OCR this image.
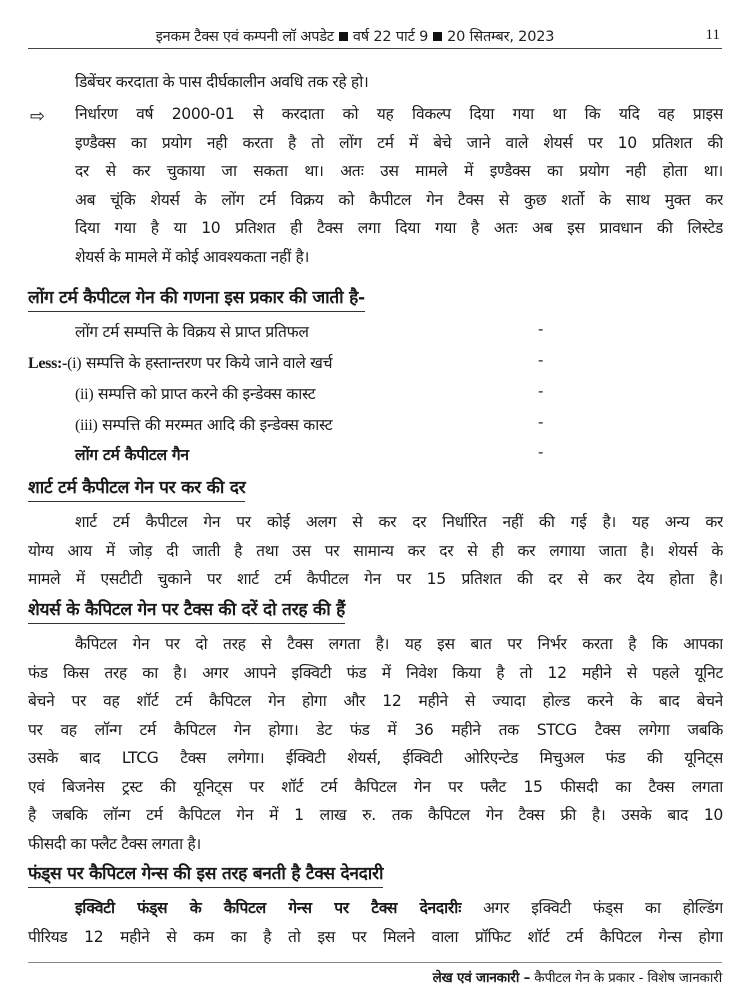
इनकम टैक्स एवं कम्पनी लॉ अपडेट वर्ष 22 पार्ट 9 20 सितम्बर, 2023	11
डिबेंचर करदाता के पास दीर्घकालीन अवधि तक रहे हो।
⇨ निर्धारण वर्ष 2000-01 से करदाता को यह विकल्प दिया गया था कि यदि वह प्राइस
इण्डैक्स का प्रयोग नही करता है तो लोंग टर्म में बेचे जाने वाले शेयर्स पर 10 प्रतिशत की
दर से कर चुकाया जा सकता था। अतः उस मामले में इण्डैक्स का प्रयोग नही होता था।
अब चूंकि शेयर्स के लोंग टर्म विक्रय को कैपीटल गेन टैक्स से कुछ शर्तो के साथ मुक्त कर
दिया गया है या 10 प्रतिशत ही टैक्स लगा दिया गया है अतः अब इस प्रावधान की लिस्टेड
शेयर्स के मामले में कोई आवश्यकता नहीं है।
लोंग टर्म कैपीटल गेन की गणना इस प्रकार की जाती है-
लोंग टर्म सम्पत्ति के विक्रय से प्राप्त प्रतिफल	-
Less:-(i) सम्पत्ति के हस्तान्तरण पर किये जाने वाले खर्च	-
(ii) सम्पत्ति को प्राप्त करने की इन्डेक्स कास्ट	-
(iii) सम्पत्ति की मरम्मत आदि की इन्डेक्स कास्ट	-
लोंग टर्म कैपीटल गैन	-
शार्ट टर्म कैपीटल गेन पर कर की दर
शार्ट टर्म कैपीटल गेन पर कोई अलग से कर दर निर्धारित नहीं की गई है। यह अन्य कर
योग्य आय में जोड़ दी जाती है तथा उस पर सामान्य कर दर से ही कर लगाया जाता है। शेयर्स के
मामले में एसटीटी चुकाने पर शार्ट टर्म कैपीटल गेन पर 15 प्रतिशत की दर से कर देय होता है।
शेयर्स के कैपिटल गेन पर टैक्स की दरें दो तरह की हैं
कैपिटल गेन पर दो तरह से टैक्स लगता है। यह इस बात पर निर्भर करता है कि आपका
फंड किस तरह का है। अगर आपने इक्विटी फंड में निवेश किया है तो 12 महीने से पहले यूनिट
बेचने पर वह शॉर्ट टर्म कैपिटल गेन होगा और 12 महीने से ज्यादा होल्ड करने के बाद बेचने
पर वह लॉन्ग टर्म कैपिटल गेन होगा। डेट फंड में 36 महीने तक STCG टैक्स लगेगा जबकि
उसके बाद LTCG टैक्स लगेगा। ईक्विटी शेयर्स, ईक्विटी ओरिएन्टेड मिचुअल फंड की यूनिट्स
एवं बिजनेस ट्रस्ट की यूनिट्स पर शॉर्ट टर्म कैपिटल गेन पर फ्लैट 15 फीसदी का टैक्स लगता
है जबकि लॉन्ग टर्म कैपिटल गेन में 1 लाख रु. तक कैपिटल गेन टैक्स फ्री है। उसके बाद 10
फीसदी का फ्लैट टैक्स लगता है।
फंड्स पर कैपिटल गेन्स की इस तरह बनती है टैक्स देनदारी
इक्विटी फंड्स के कैपिटल गेन्स पर टैक्स देनदारीः अगर इक्विटी फंड्स का होल्डिंग
पीरियड 12 महीने से कम का है तो इस पर मिलने वाला प्रॉफिट शॉर्ट टर्म कैपिटल गेन्स होगा
लेख एवं जानकारी – कैपीटल गेन के प्रकार - विशेष जानकारी
